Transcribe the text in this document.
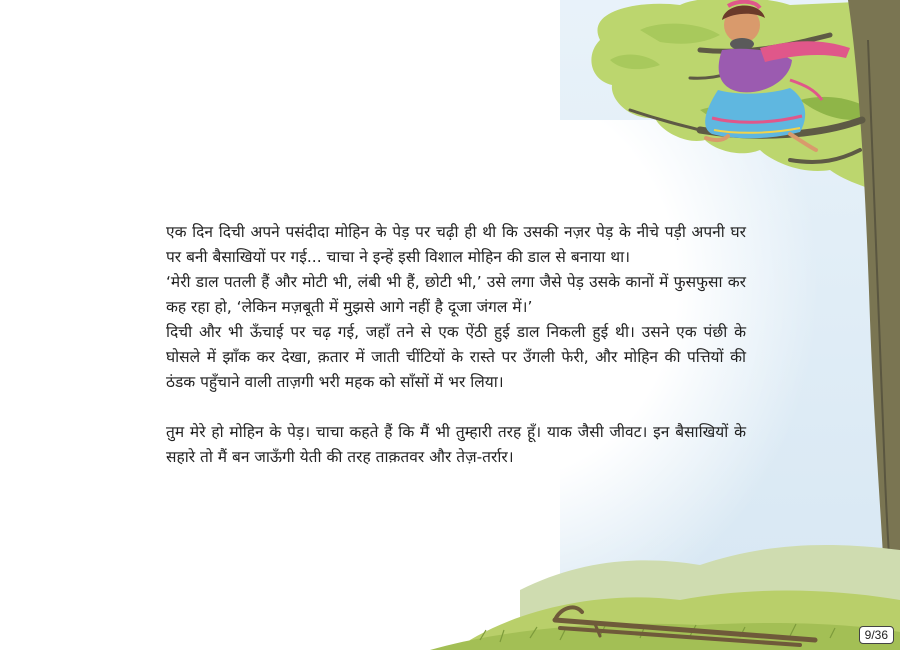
एक दिन दिची अपने पसंदीदा मोहिन के पेड़ पर चढ़ी ही थी कि उसकी नज़र पेड़ के नीचे पड़ी अपनी घर पर बनी बैसाखियों पर गई... चाचा ने इन्हें इसी विशाल मोहिन की डाल से बनाया था।

‘मेरी डाल पतली हैं और मोटी भी, लंबी भी हैं, छोटी भी,’ उसे लगा जैसे पेड़ उसके कानों में फुसफुसा कर कह रहा हो, ‘लेकिन मज़बूती में मुझसे आगे नहीं है दूजा जंगल में।’

दिची और भी ऊँचाई पर चढ़ गई, जहाँ तने से एक ऐंठी हुई डाल निकली हुई थी। उसने एक पंछी के घोसले में झाँक कर देखा, क़तार में जाती चींटियों के रास्ते पर उँगली फेरी, और मोहिन की पत्तियों की ठंडक पहुँचाने वाली ताज़गी भरी महक को साँसों में भर लिया।

तुम मेरे हो मोहिन के पेड़। चाचा कहते हैं कि मैं भी तुम्हारी तरह हूँ। याक जैसी जीवट। इन बैसाखियों के सहारे तो मैं बन जाऊँगी येती की तरह ताक़तवर और तेज़-तर्रार।

9/36
